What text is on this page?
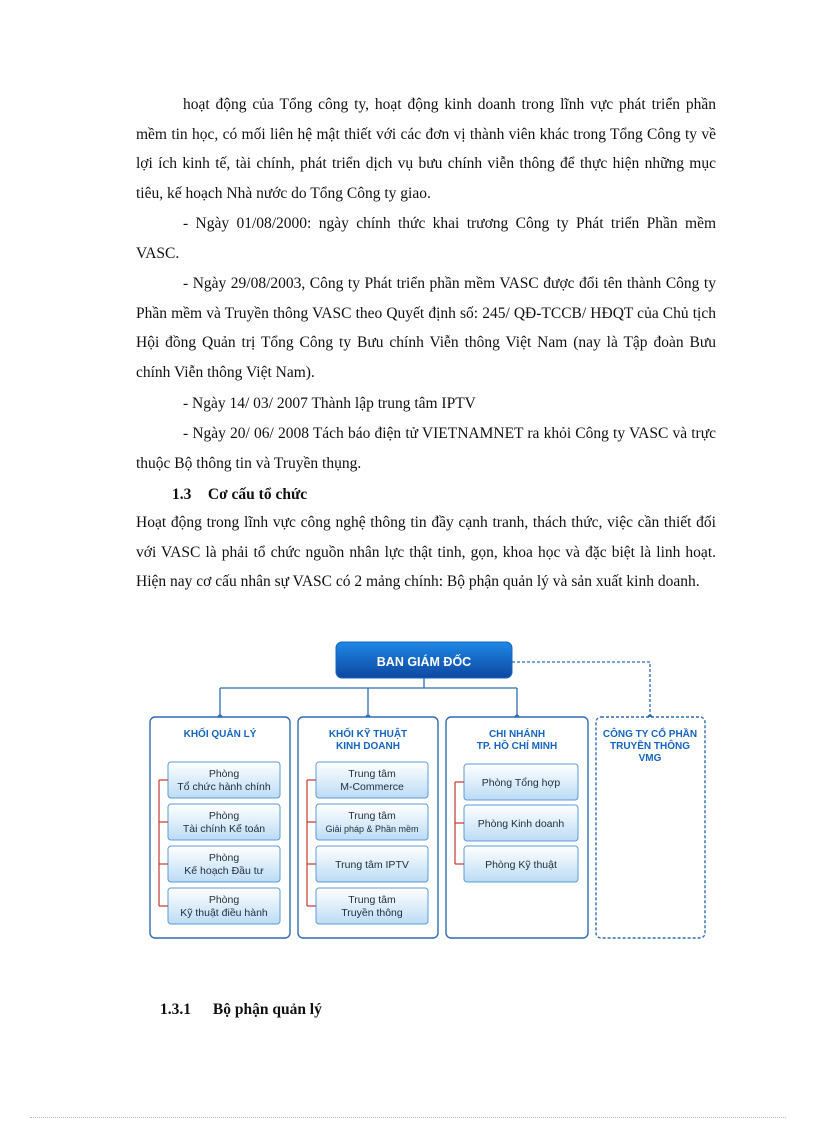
hoạt động của Tổng công ty, hoạt động kinh doanh trong lĩnh vực phát triển phần mềm tin học, có mối liên hệ mật thiết với các đơn vị thành viên khác trong Tổng Công ty về lợi ích kinh tế, tài chính, phát triển dịch vụ bưu chính viễn thông để thực hiện những mục tiêu, kế hoạch Nhà nước do Tổng Công ty giao.

- Ngày 01/08/2000: ngày chính thức khai trương Công ty Phát triển Phần mềm VASC.

- Ngày 29/08/2003, Công ty Phát triển phần mềm VASC được đổi tên thành Công ty Phần mềm và Truyền thông VASC theo Quyết định số: 245/ QĐ-TCCB/ HĐQT của Chủ tịch Hội đồng Quản trị Tổng Công ty Bưu chính Viễn thông Việt Nam (nay là Tập đoàn Bưu chính Viễn thông Việt Nam).

- Ngày 14/ 03/ 2007 Thành lập trung tâm IPTV

- Ngày 20/ 06/ 2008 Tách báo điện tử VIETNAMNET ra khỏi Công ty VASC và trực thuộc Bộ thông tin và Truyền thụng.

1.3 Cơ cấu tổ chức

Hoạt động trong lĩnh vực công nghệ thông tin đầy cạnh tranh, thách thức, việc cần thiết đối với VASC là phải tổ chức nguồn nhân lực thật tinh, gọn, khoa học và đặc biệt là linh hoạt. Hiện nay cơ cấu nhân sự VASC có 2 mảng chính: Bộ phận quản lý và sản xuất kinh doanh.

BAN GIÁM ĐỐC
KHỐI QUẢN LÝ
Phòng
Tổ chức hành chính
Phòng
Tài chính Kế toán
Phòng
Kế hoạch Đầu tư
Phòng
Kỹ thuật điều hành
KHỐI KỸ THUẬT
KINH DOANH
Trung tâm
M-Commerce
Trung tâm
Giải pháp & Phần mềm
Trung tâm IPTV
Trung tâm
Truyền thông
CHI NHÁNH
TP. HỒ CHÍ MINH
Phòng Tổng hợp
Phòng Kinh doanh
Phòng Kỹ thuật
CÔNG TY CỔ PHẦN
TRUYỀN THÔNG
VMG

1.3.1 Bộ phận quản lý
